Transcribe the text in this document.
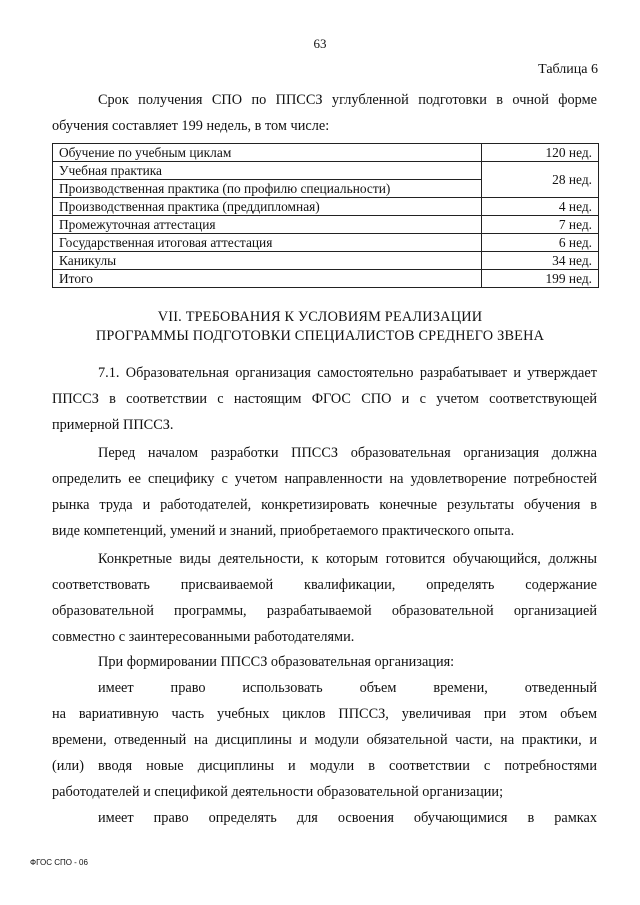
63
Таблица 6
Срок получения СПО по ППССЗ углубленной подготовки в очной форме
обучения составляет 199 недель, в том числе:
Обучение по учебным циклам	120 нед.
Учебная практика	28 нед.
Производственная практика (по профилю специальности)	
Производственная практика (преддипломная)	4 нед.
Промежуточная аттестация	7 нед.
Государственная итоговая аттестация	6 нед.
Каникулы	34 нед.
Итого	199 нед.
VII. ТРЕБОВАНИЯ К УСЛОВИЯМ РЕАЛИЗАЦИИ
ПРОГРАММЫ ПОДГОТОВКИ СПЕЦИАЛИСТОВ СРЕДНЕГО ЗВЕНА
7.1. Образовательная организация самостоятельно разрабатывает и утверждает
ППССЗ в соответствии с настоящим ФГОС СПО и с учетом соответствующей
примерной ППССЗ.
Перед началом разработки ППССЗ образовательная организация должна
определить ее специфику с учетом направленности на удовлетворение потребностей
рынка труда и работодателей, конкретизировать конечные результаты обучения в
виде компетенций, умений и знаний, приобретаемого практического опыта.
Конкретные виды деятельности, к которым готовится обучающийся, должны
соответствовать присваиваемой квалификации, определять содержание
образовательной программы, разрабатываемой образовательной организацией
совместно с заинтересованными работодателями.
При формировании ППССЗ образовательная организация:
имеет право использовать объем времени, отведенный
на вариативную часть учебных циклов ППССЗ, увеличивая при этом объем
времени, отведенный на дисциплины и модули обязательной части, на практики, и
(или) вводя новые дисциплины и модули в соответствии с потребностями
работодателей и спецификой деятельности образовательной организации;
имеет право определять для освоения обучающимися в рамках
ФГОС СПО - 06
